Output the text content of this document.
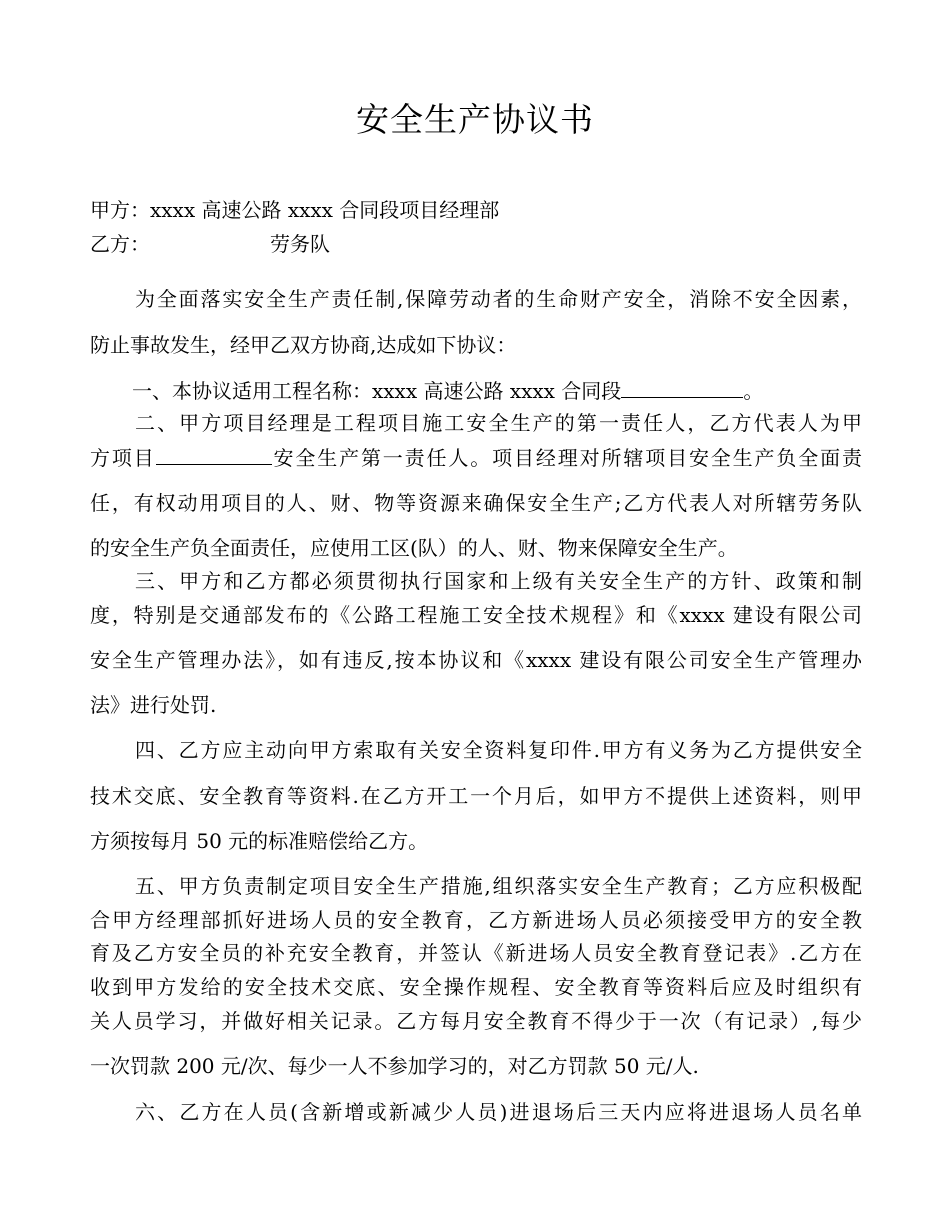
安全生产协议书
甲方：xxxx 高速公路 xxxx 合同段项目经理部
乙方：	劳务队
为全面落实安全生产责任制,保障劳动者的生命财产安全，消除不安全因素，
防止事故发生，经甲乙双方协商,达成如下协议：
一、本协议适用工程名称：xxxx 高速公路 xxxx 合同段	。
二、甲方项目经理是工程项目施工安全生产的第一责任人，乙方代表人为甲
方项目	安全生产第一责任人。项目经理对所辖项目安全生产负全面责
任，有权动用项目的人、财、物等资源来确保安全生产;乙方代表人对所辖劳务队
的安全生产负全面责任，应使用工区(队）的人、财、物来保障安全生产。
三、甲方和乙方都必须贯彻执行国家和上级有关安全生产的方针、政策和制
度，特别是交通部发布的《公路工程施工安全技术规程》和《xxxx 建设有限公司
安全生产管理办法》，如有违反,按本协议和《xxxx 建设有限公司安全生产管理办
法》进行处罚.
四、乙方应主动向甲方索取有关安全资料复印件.甲方有义务为乙方提供安全
技术交底、安全教育等资料.在乙方开工一个月后，如甲方不提供上述资料，则甲
方须按每月 50 元的标准赔偿给乙方。
五、甲方负责制定项目安全生产措施,组织落实安全生产教育；乙方应积极配
合甲方经理部抓好进场人员的安全教育，乙方新进场人员必须接受甲方的安全教
育及乙方安全员的补充安全教育，并签认《新进场人员安全教育登记表》.乙方在
收到甲方发给的安全技术交底、安全操作规程、安全教育等资料后应及时组织有
关人员学习，并做好相关记录。乙方每月安全教育不得少于一次（有记录）,每少
一次罚款 200 元/次、每少一人不参加学习的，对乙方罚款 50 元/人.
六、乙方在人员(含新增或新减少人员)进退场后三天内应将进退场人员名单
